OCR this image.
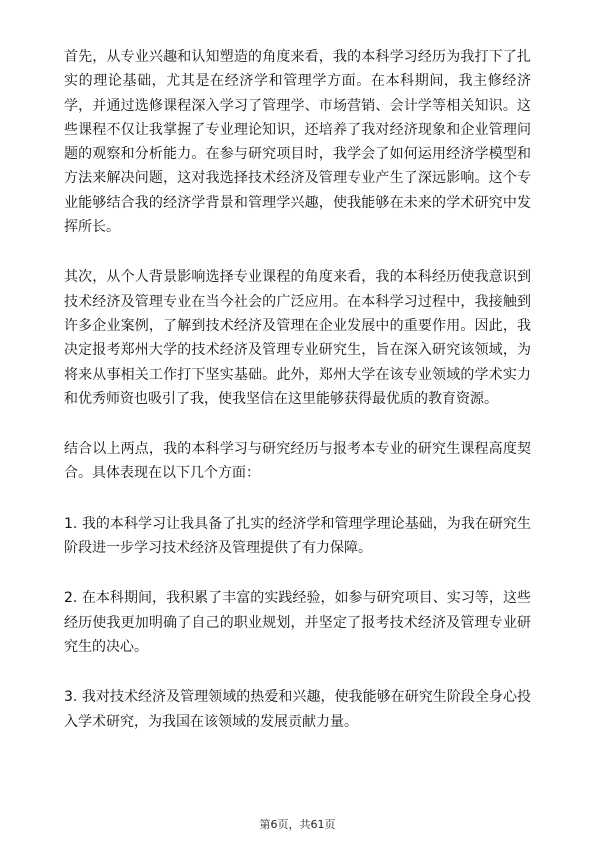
首先，从专业兴趣和认知塑造的角度来看，我的本科学习经历为我打下了扎实的理论基础，尤其是在经济学和管理学方面。在本科期间，我主修经济学，并通过选修课程深入学习了管理学、市场营销、会计学等相关知识。这些课程不仅让我掌握了专业理论知识，还培养了我对经济现象和企业管理问题的观察和分析能力。在参与研究项目时，我学会了如何运用经济学模型和方法来解决问题，这对我选择技术经济及管理专业产生了深远影响。这个专业能够结合我的经济学背景和管理学兴趣，使我能够在未来的学术研究中发挥所长。

其次，从个人背景影响选择专业课程的角度来看，我的本科经历使我意识到技术经济及管理专业在当今社会的广泛应用。在本科学习过程中，我接触到许多企业案例，了解到技术经济及管理在企业发展中的重要作用。因此，我决定报考郑州大学的技术经济及管理专业研究生，旨在深入研究该领域，为将来从事相关工作打下坚实基础。此外，郑州大学在该专业领域的学术实力和优秀师资也吸引了我，使我坚信在这里能够获得最优质的教育资源。

结合以上两点，我的本科学习与研究经历与报考本专业的研究生课程高度契合。具体表现在以下几个方面：

1. 我的本科学习让我具备了扎实的经济学和管理学理论基础，为我在研究生阶段进一步学习技术经济及管理提供了有力保障。

2. 在本科期间，我积累了丰富的实践经验，如参与研究项目、实习等，这些经历使我更加明确了自己的职业规划，并坚定了报考技术经济及管理专业研究生的决心。

3. 我对技术经济及管理领域的热爱和兴趣，使我能够在研究生阶段全身心投入学术研究，为我国在该领域的发展贡献力量。

第6页，共61页
